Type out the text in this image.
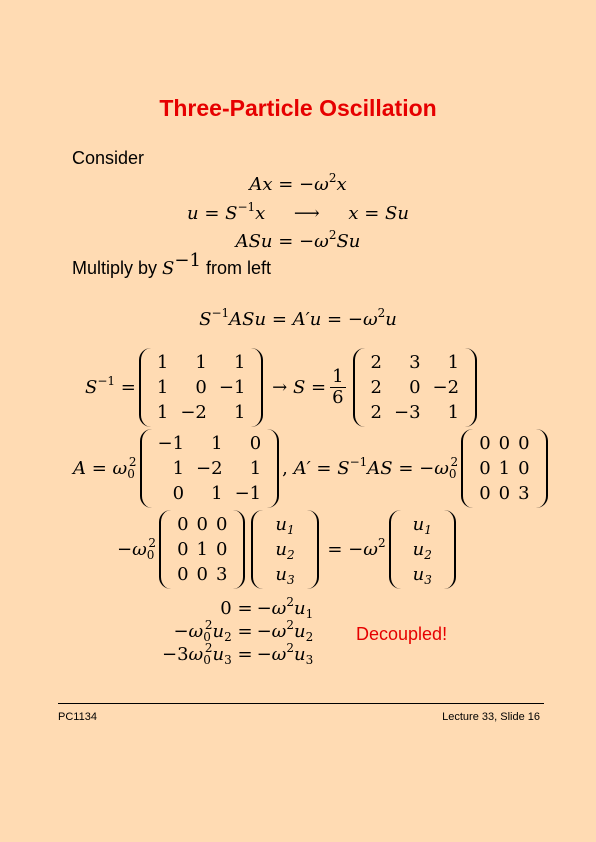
Three-Particle Oscillation
Consider
$Ax = -\omega^2x$
$u = S^{-1}x$     ⟶     x = Su
ASu = $-\omega^2Su$
Multiply by $S^{-1}$ from left
$S^{-1}ASu = A'u = -\omega^2u$
$S^{-1}$ =
1	1	1
1	0 −1
1 −2	1
→ $S = \frac{1}{6}$
2	3	1
2	0 −2
2 −3	1
$A = \omega_0^2$
−1	1	0
1 −2	1
0	1 −1
, $A' = S^{-1}AS = -\omega_0^2$
0 0 0
0 1 0
0 0 3
$-\omega_0^2$
0 0 0
0 1 0
0 0 3
$u_1$
$u_2$
$u_3$
= $-\omega^2$
$u_1$
$u_2$
$u_3$
$0 = -\omega^2u_1$
$-\omega_0^2u_2 = -\omega^2u_2$
$-3\omega_0^2u_3 = -\omega^2u_3$
Decoupled!
PC1134	Lecture 33, Slide 16
